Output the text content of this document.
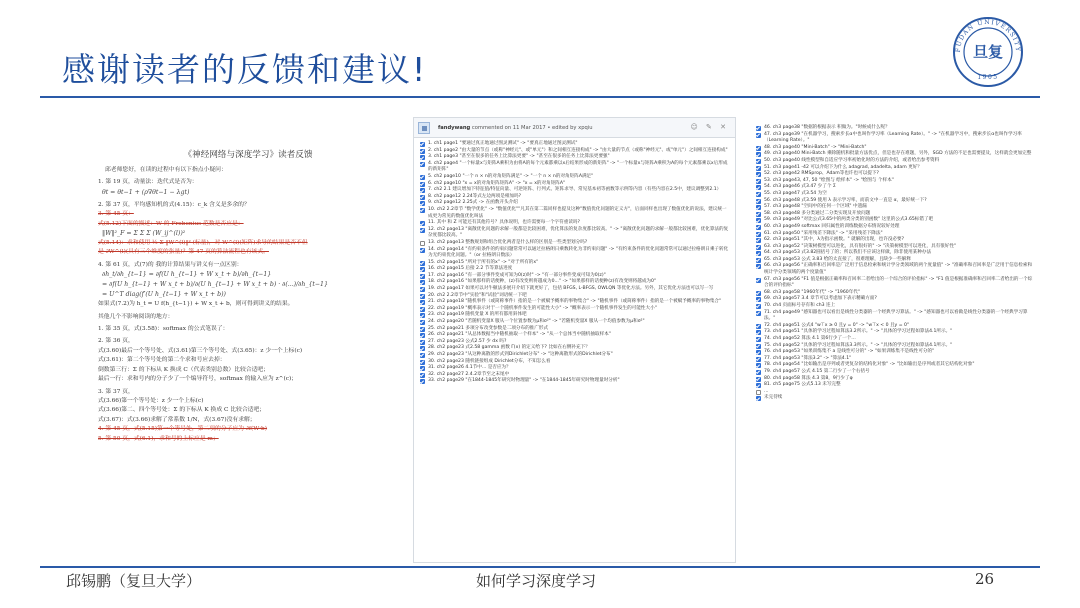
感谢读者的反馈和建议!
FUDAN UNIVERSITY
旦复
1905
《神经网络与深度学习》读者反馈
邱老师您好，在读的过程中有以下指点小疑问：
1. 第 19 页，动量法：迭代式是否为：
θt = θt−1 + (ρ∇θt−1 − λgt)
2. 第 37 页，平均感知机的式(4.15)：c_k 含义是多余的？
3. 第 45 页：
式(5.12)下面的描述：W 的 Frobenius 范数是否应是：
‖W‖²_F = Σ Σ Σ (W_ij^(l))²
式(5.14)：求和使用 ½ Σ ‖W^(l)‖² (标量)，对 W^(l)(矩阵)求导的结果是否不但
是 ∂W^(l)(具有三个维度的张量)？第 47 页的算法流程也有该式。
4. 第 61 页，式(7)的 我的计算结果与讲义有一点区别：
∂h_t/∂h_{t−1} = ∂f(U h_{t−1} + W x_t + b)/∂h_{t−1}
= ∂f(U h_{t−1} + W x_t + b)/∂(U h_{t−1} + W x_t + b) · ∂(...)/∂h_{t−1}
= U^T diag(f′(U h_{t−1} + W x_t + b))
如果式(7.2)为 h_t = U f(h_{t−1}) + W x_t + b，则可得到讲义的结果。
其他几个不影响阅读的地方：
1. 第 35 页，式(3.58)：softmax 的公式笔误了：
2. 第 36 页，
式(3.60)最后一个等号处、式(3.61)第三个等号处、式(3.65)：z 少一个上标(c)
式(3.61)：第二个等号处的第二个求和号应去掉：
倒数第三行：Σ 的下标从 K 换成 C（代表类别总数）比较合适吧；
最后一行：求和号内的分子少了一个编导符号，softmax 的输入应为 z^(c)；
3. 第 37 页，
式(3.66)第一个等号处：z 少一个上标(c)
式(3.66)第二、四个等号处：Σ 的下标从 K 换成 C 比较合适吧；
式(3.67)：式(3.66)求解了常系数 1/N，式(3.67)没有求解；
4. 第 45 页，式(5.15)第一个等号处，第二项的分子应为 ∂f(W·b)
5. 第 50 页，式(6.1)，求和号的上标应是 m；
fandywang commented on 11 Mar 2017 • edited by xpqiu	☺ ✎ ✕
1. ch1 page1 "要通过真正地通过图灵测试" -> "要真正地通过图灵测试"
2. ch1 page2 "由大量的节点（或称"神经元"、或"单元"）和之间相互连接构成" -> "由大量的节点（或称"神经元"、或"单元"）之间相互连接构成"
3. ch1 page3 "甚至在很多的任务上比算法更要" -> "甚至在很多的任务上比算法更要强"
4. ch2 page4 "一个标量x与矩阵A乘积为由将A的每个元素都乘以x后结果形成的新矩阵" -> "一个标量x与矩阵A乘积为A的每个元素都乘以x后形成的新矩阵"
5. ch2 page10 "一个 n × n的对角矩阵满足" -> "一个 n × n的对角矩阵A满足"
6. ch2 page10 "x = x的对角矩阵矩阵A" -> "x = x的对角矩阵A"
7. ch2 2.1 建议增加下特征值/特征向量、可逆矩阵、行列式、矩阵求导、常见基本初等函数等示例等内容（有些内容在2.5中，建议调整到2.1）
8. ch2 page12 2.24等式左边两项是相加吗?
9. ch2 page12 2.25式 -> 在函数开头介绍
10. ch2 2.2章节 "数学优化" -> "数值优化""凡其在第二篇同样也提及这种"数值优化问题的定义方"，后面同样也出现了数值优化的说法，建议统一成更为常见的数值优化叫法
11. 其中 和 Z 可能还有其他符号？具体说明，也许需要每一个字符重读吗?
12. ch2 page13 "离散优化问题的求解一般都是比较困难，优化算法的复杂度都比较高。" -> "离散优化问题的求解一般都比较困难，优化算法的复杂度都比较高。"
13. ch2 page13 整数规划和组合优化两者是什么样的区别是一些类型划分吗?
14. ch2 page14 "有约束条件的约束问题常常可以通过拉格朗日乘数转化为非约束问题" -> "有约束条件的优化问题常常可以通过拉格朗日乘子转化为无约束优化问题。"（or 拉格朗日数法）
15. ch2 page15 "所对于所有的x" -> "对于所有的x"
16. ch2 page15 后接 2.2 节等算法进度
17. ch2 page16 "有一部分事件变成可知为0(z)时" -> "有一部分事件变成可知为0(z)"
18. ch2 page16 "如果那样的话便种，(z)有改变则将越成为0..." -> "如果那样的话便种(z)有改变则将越成为0"
19. ch2 page17 如果可以对牛顿法多展开介绍下就更好了，包括 BFGS, L-BFGS, OWLQN 等优化方法。另外，其它优化方法也可以写一写
20. ch2 2.2章节中"实验"和"试验"词语统一下吧
21. ch2 page18 "随机事件（或简称事件）指的是一个被赋予概率的事物集合" -> "随机事件（或简称事件）指的是一个被赋予概率的事物集合"
22. ch2 page19 "概率表示对于一个随机事件发生的可能性大小" -> "概率表示一个随机事件发生的可能性大小"
23. ch2 page19 随机变量 X 的所有都用斜体吧
24. ch2 page20 "若随机变量X 服从一个位置参数为μ和σ²" -> "若随机变量X 服从一个均值参数为μ和σ²"
25. ch2 page21 多项分布改变参数是二项分布的推广形式
26. ch2 page21 "从总体数据当中随机抽取一个样本" -> "从一个总体当中随机抽取样本"
27. ch2 page23 公式2.57 少 dx 吗?
28. ch2 page23 式2.58 gamma 函数 Γ(x) 的定义给下? 比如在右侧补充下？
29. ch2 page23 "从这种离散的形式到Dirichlet分布" -> "这种离散形式的Dirichlet分布"
30. ch2 page23 随机链接组成 Dirichlet分布，不知怎么看
31. ch2 page26 4.1节中... 是否应为？
32. ch2 page27 2.4.2章节至之末尾中
33. ch2 page29 "在1844-1845年研究时物理量" -> "在1844-1845年研究时物理量时分析"
46. ch3 page38 "数据的根据表示 积做为。"时候成什么呢？
47. ch3 page39 "在机器学习，搜索步长α中也叫作学习率（Learning Rate）。" -> "在机器学习中，搜索步长α也叫作学习率（Learning Rate）。"
48. ch3 page40 "Mini-Batch" -> "Mini-Batch"
49. ch3 page40 Mini-Batch 乘除随机和批量方法优点，但是也存在难题，另外，SGD 方法的不足也需要提及，这样就会更加完整
50. ch3 page40 线性模型和自适应学习率初始化时的方法的介绍，或者给出参考资料
51. ch3 page41 -42 可以介绍下为什么 adagrad, adadelta, adam 更好？
52. ch3 page42 RMSprop、Adam等也许也可以提下?
53. ch3 page43, 47, 50 "绘图与 绘样本" -> "绘图与 个样本"
54. ch3 page46 式3.47 少了个 Σ
55. ch3 page47 式3.54 为空
56. ch3 page48 式3.59 使用 λ 表示学习率，而前文中一直是 α，最好统一下?
57. ch3 page48 "空间中的任何一个区域" 中遗漏
58. ch3 page48 多分类通过二分类实现及开放问题
59. ch3 page49 "对比公式3.65中的两类分类的别函数" 这里的公式3.65标错了吧
60. ch3 page49 softmax 回归属性的训练数据分布情况较好处理
61. ch3 page50 "采用残差下降法" -> "采用残差下降法"
62. ch3 page51 "其中，λ为指示函数。" 就解的出现，也许没必要?
63. ch3 page52 "决策树模型可以进化，具有很好的" -> "决策树模型可以进化，具有很好性"
64. ch3 page53 式3.82圆括号了的；所以我们不应该这样做，除非使用某种办法
65. ch3 page53 公式 3.83 给的太直接了，很难理解，且缺少一些解释
66. ch3 page56 "正确率和召回率是广泛用于信息检索和统计学分类领域的两个度量值" -> "准确率和召回率是广泛用于信息检索和统计学分类领域的两个度量值"
67. ch3 page56 "F1 值是根据正确率和召回率二者给出的一个综合的评价指标" -> "F1 值是根据准确率和召回率二者给出的一个综合的评价指标"
68. ch3 page58 "1960年代" -> "1960年代"
69. ch3 page57 3.4 章节可以考虑加下表示精确方面?
70. ch4 页面标号存有和 ch3 连上
71. ch4 page49 "感知器也可以看出是线性分类器的一个经典学习算法。" -> "感知器也可以看做是线性分类器的一个经典学习算法。"
72. ch4 page51 公式4 "w⊤x ≥ 0 且y = 0" -> "w⊤x < 0 且y = 0"
73. ch4 page51 "具体的学习过程如算法3.2所示。" -> "具体的学习过程如算法4.1所示。"
74. ch4 page52 算法 4.1 第6行少了一个…
75. ch4 page52 "具体的学习过程如算法3.3所示。" -> "具体的学习过程如算法4.1所示。"
76. ch4 page53 "如果训练集不 a 是线性可分的" -> "如果训练集不是线性可分的"
77. ch4 page53 "算法3.2" -> "算法4.1"
78. ch4 page54 "比如输出是序列或者更复杂的结构化对象" -> "比如输出是序列或者其它结构化对象"
79. ch4 page57 公式 4.15 第二行少了一个右括号
80. ch4 page58 算法 4.3 第8，9行少了φ
81. ch5 page75 公式5.13 未写完整
...
未完待续
邱锡鹏（复旦大学）	如何学习深度学习	26
